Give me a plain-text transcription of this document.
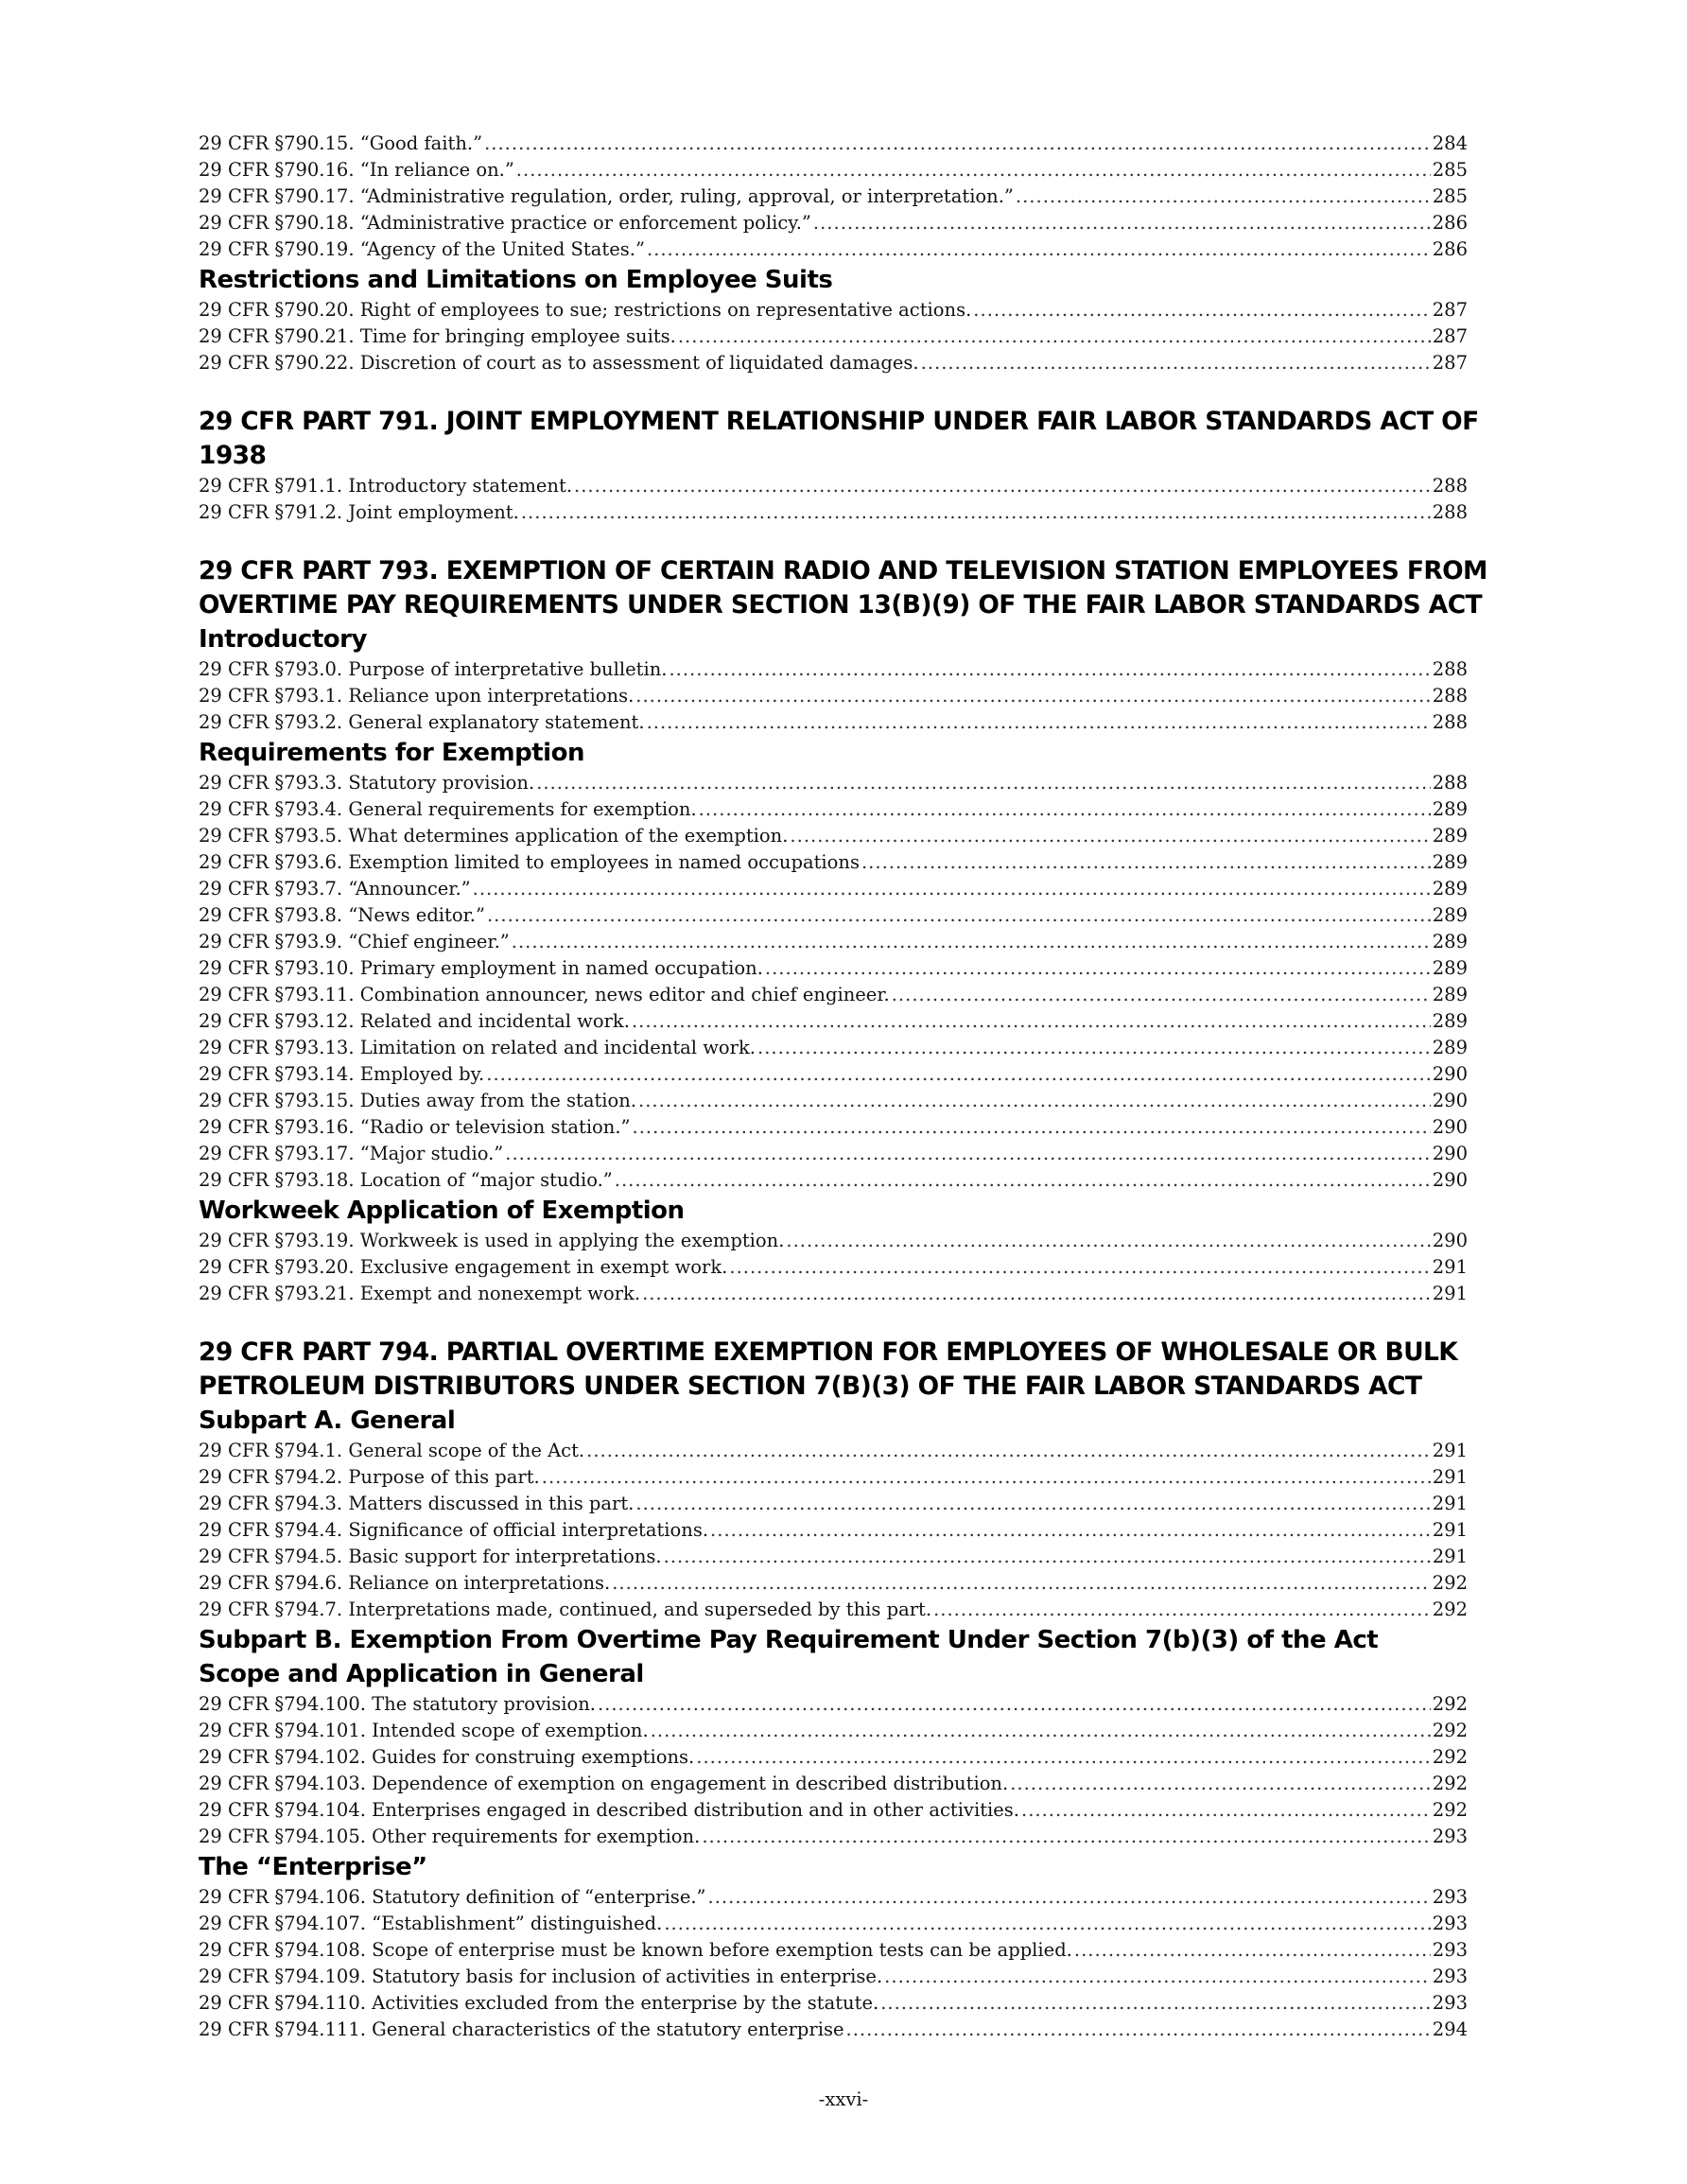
29 CFR §790.15. “Good faith.” .....	284
29 CFR §790.16. “In reliance on.” .....	285
29 CFR §790.17. “Administrative regulation, order, ruling, approval, or interpretation.” .....	285
29 CFR §790.18. “Administrative practice or enforcement policy.” .....	286
29 CFR §790.19. “Agency of the United States.” .....	286
Restrictions and Limitations on Employee Suits
29 CFR §790.20. Right of employees to sue; restrictions on representative actions. .....	287
29 CFR §790.21. Time for bringing employee suits. .....	287
29 CFR §790.22. Discretion of court as to assessment of liquidated damages. .....	287
29 CFR PART 791. JOINT EMPLOYMENT RELATIONSHIP UNDER FAIR LABOR STANDARDS ACT OF
1938
29 CFR §791.1. Introductory statement. .....	288
29 CFR §791.2. Joint employment. .....	288
29 CFR PART 793. EXEMPTION OF CERTAIN RADIO AND TELEVISION STATION EMPLOYEES FROM
OVERTIME PAY REQUIREMENTS UNDER SECTION 13(B)(9) OF THE FAIR LABOR STANDARDS ACT
Introductory
29 CFR §793.0. Purpose of interpretative bulletin. .....	288
29 CFR §793.1. Reliance upon interpretations. .....	288
29 CFR §793.2. General explanatory statement. .....	288
Requirements for Exemption
29 CFR §793.3. Statutory provision. .....	288
29 CFR §793.4. General requirements for exemption. .....	289
29 CFR §793.5. What determines application of the exemption. .....	289
29 CFR §793.6. Exemption limited to employees in named occupations .....	289
29 CFR §793.7. “Announcer.” .....	289
29 CFR §793.8. “News editor.” .....	289
29 CFR §793.9. “Chief engineer.” .....	289
29 CFR §793.10. Primary employment in named occupation. .....	289
29 CFR §793.11. Combination announcer, news editor and chief engineer. .....	289
29 CFR §793.12. Related and incidental work. .....	289
29 CFR §793.13. Limitation on related and incidental work. .....	289
29 CFR §793.14. Employed by. .....	290
29 CFR §793.15. Duties away from the station. .....	290
29 CFR §793.16. “Radio or television station.” .....	290
29 CFR §793.17. “Major studio.” .....	290
29 CFR §793.18. Location of “major studio.” .....	290
Workweek Application of Exemption
29 CFR §793.19. Workweek is used in applying the exemption. .....	290
29 CFR §793.20. Exclusive engagement in exempt work. .....	291
29 CFR §793.21. Exempt and nonexempt work. .....	291
29 CFR PART 794. PARTIAL OVERTIME EXEMPTION FOR EMPLOYEES OF WHOLESALE OR BULK
PETROLEUM DISTRIBUTORS UNDER SECTION 7(B)(3) OF THE FAIR LABOR STANDARDS ACT
Subpart A. General
29 CFR §794.1. General scope of the Act. .....	291
29 CFR §794.2. Purpose of this part. .....	291
29 CFR §794.3. Matters discussed in this part. .....	291
29 CFR §794.4. Significance of official interpretations. .....	291
29 CFR §794.5. Basic support for interpretations. .....	291
29 CFR §794.6. Reliance on interpretations. .....	292
29 CFR §794.7. Interpretations made, continued, and superseded by this part. .....	292
Subpart B. Exemption From Overtime Pay Requirement Under Section 7(b)(3) of the Act
Scope and Application in General
29 CFR §794.100. The statutory provision. .....	292
29 CFR §794.101. Intended scope of exemption. .....	292
29 CFR §794.102. Guides for construing exemptions. .....	292
29 CFR §794.103. Dependence of exemption on engagement in described distribution. .....	292
29 CFR §794.104. Enterprises engaged in described distribution and in other activities. .....	292
29 CFR §794.105. Other requirements for exemption. .....	293
The “Enterprise”
29 CFR §794.106. Statutory definition of “enterprise.” .....	293
29 CFR §794.107. “Establishment” distinguished. .....	293
29 CFR §794.108. Scope of enterprise must be known before exemption tests can be applied. .....	293
29 CFR §794.109. Statutory basis for inclusion of activities in enterprise. .....	293
29 CFR §794.110. Activities excluded from the enterprise by the statute. .....	293
29 CFR §794.111. General characteristics of the statutory enterprise .....	294
-xxvi-
